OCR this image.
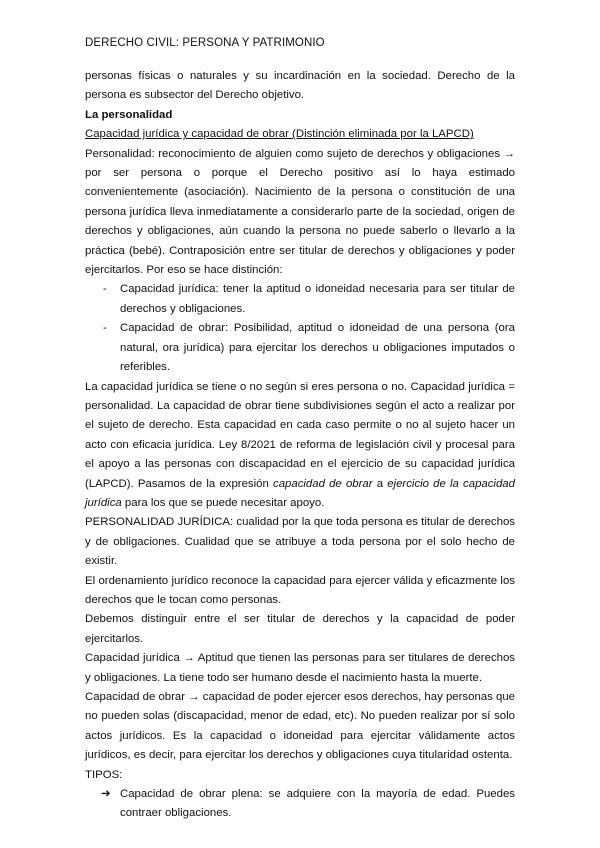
DERECHO CIVIL: PERSONA Y PATRIMONIO

personas físicas o naturales y su incardinación en la sociedad. Derecho de la persona es subsector del Derecho objetivo.

La personalidad

Capacidad jurídica y capacidad de obrar (Distinción eliminada por la LAPCD)

Personalidad: reconocimiento de alguien como sujeto de derechos y obligaciones → por ser persona o porque el Derecho positivo así lo haya estimado convenientemente (asociación). Nacimiento de la persona o constitución de una persona jurídica lleva inmediatamente a considerarlo parte de la sociedad, origen de derechos y obligaciones, aún cuando la persona no puede saberlo o llevarlo a la práctica (bebé). Contraposición entre ser titular de derechos y obligaciones y poder ejercitarlos. Por eso se hace distinción:

- Capacidad jurídica: tener la aptitud o idoneidad necesaria para ser titular de derechos y obligaciones.
- Capacidad de obrar: Posibilidad, aptitud o idoneidad de una persona (ora natural, ora jurídica) para ejercitar los derechos u obligaciones imputados o referibles.

La capacidad jurídica se tiene o no según si eres persona o no. Capacidad jurídica = personalidad. La capacidad de obrar tiene subdivisiones según el acto a realizar por el sujeto de derecho. Esta capacidad en cada caso permite o no al sujeto hacer un acto con eficacia jurídica. Ley 8/2021 de reforma de legislación civil y procesal para el apoyo a las personas con discapacidad en el ejercicio de su capacidad jurídica (LAPCD). Pasamos de la expresión capacidad de obrar a ejercicio de la capacidad jurídica para los que se puede necesitar apoyo.

PERSONALIDAD JURÍDICA: cualidad por la que toda persona es titular de derechos y de obligaciones. Cualidad que se atribuye a toda persona por el solo hecho de existir.

El ordenamiento jurídico reconoce la capacidad para ejercer válida y eficazmente los derechos que le tocan como personas.

Debemos distinguir entre el ser titular de derechos y la capacidad de poder ejercitarlos.

Capacidad jurídica → Aptitud que tienen las personas para ser titulares de derechos y obligaciones. La tiene todo ser humano desde el nacimiento hasta la muerte.

Capacidad de obrar → capacidad de poder ejercer esos derechos, hay personas que no pueden solas (discapacidad, menor de edad, etc). No pueden realizar por sí solo actos jurídicos. Es la capacidad o idoneidad para ejercitar válidamente actos jurídicos, es decir, para ejercitar los derechos y obligaciones cuya titularidad ostenta.

TIPOS:

➔ Capacidad de obrar plena: se adquiere con la mayoría de edad. Puedes contraer obligaciones.
